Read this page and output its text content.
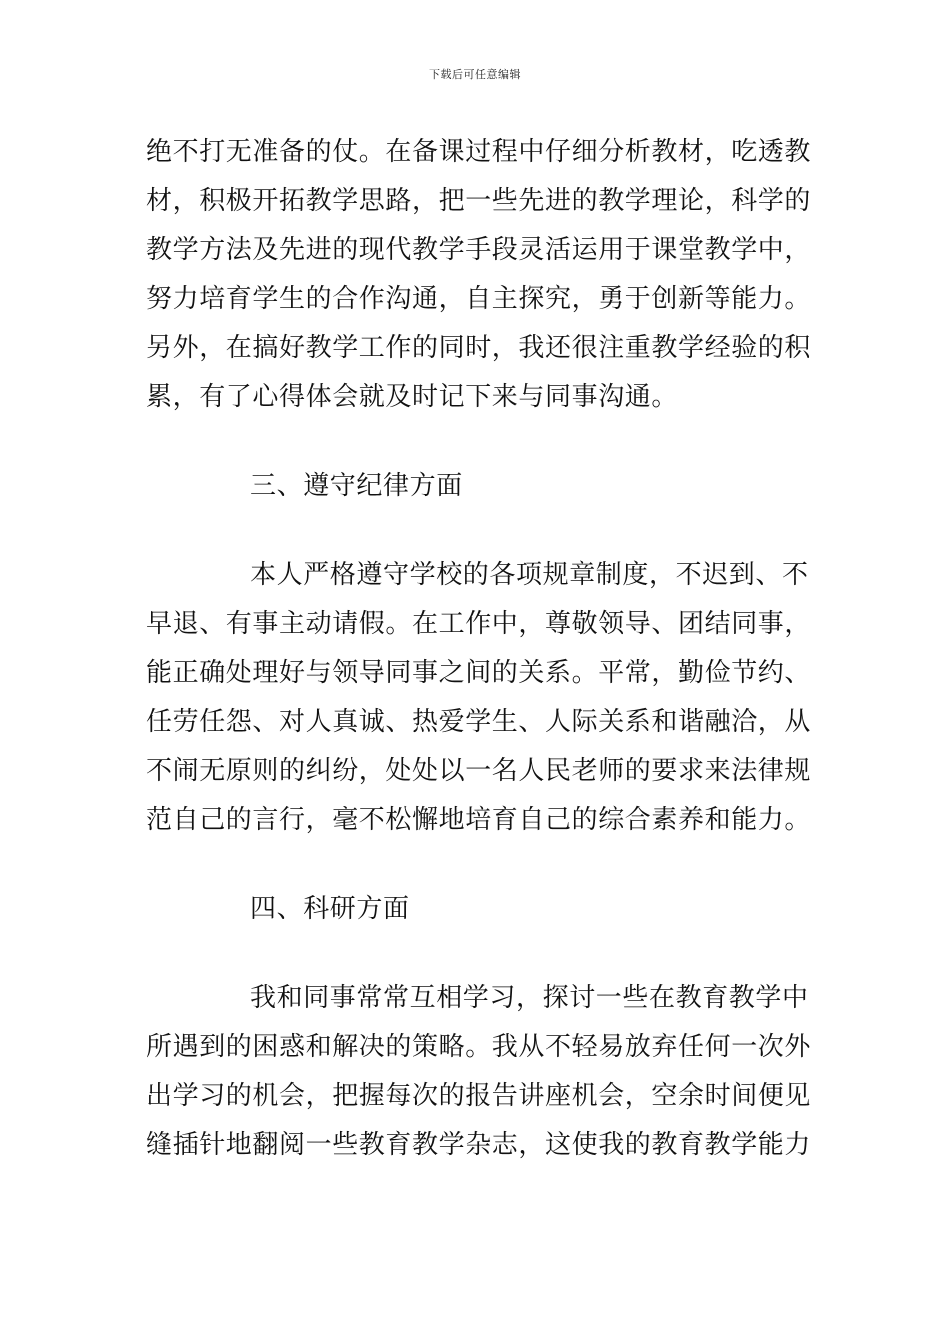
下载后可任意编辑
绝不打无准备的仗。在备课过程中仔细分析教材，吃透教
材，积极开拓教学思路，把一些先进的教学理论，科学的
教学方法及先进的现代教学手段灵活运用于课堂教学中，
努力培育学生的合作沟通，自主探究，勇于创新等能力。
另外，在搞好教学工作的同时，我还很注重教学经验的积
累，有了心得体会就及时记下来与同事沟通。
三、遵守纪律方面
本人严格遵守学校的各项规章制度，不迟到、不
早退、有事主动请假。在工作中，尊敬领导、团结同事，
能正确处理好与领导同事之间的关系。平常，勤俭节约、
任劳任怨、对人真诚、热爱学生、人际关系和谐融洽，从
不闹无原则的纠纷，处处以一名人民老师的要求来法律规
范自己的言行，毫不松懈地培育自己的综合素养和能力。
四、科研方面
我和同事常常互相学习，探讨一些在教育教学中
所遇到的困惑和解决的策略。我从不轻易放弃任何一次外
出学习的机会，把握每次的报告讲座机会，空余时间便见
缝插针地翻阅一些教育教学杂志，这使我的教育教学能力
